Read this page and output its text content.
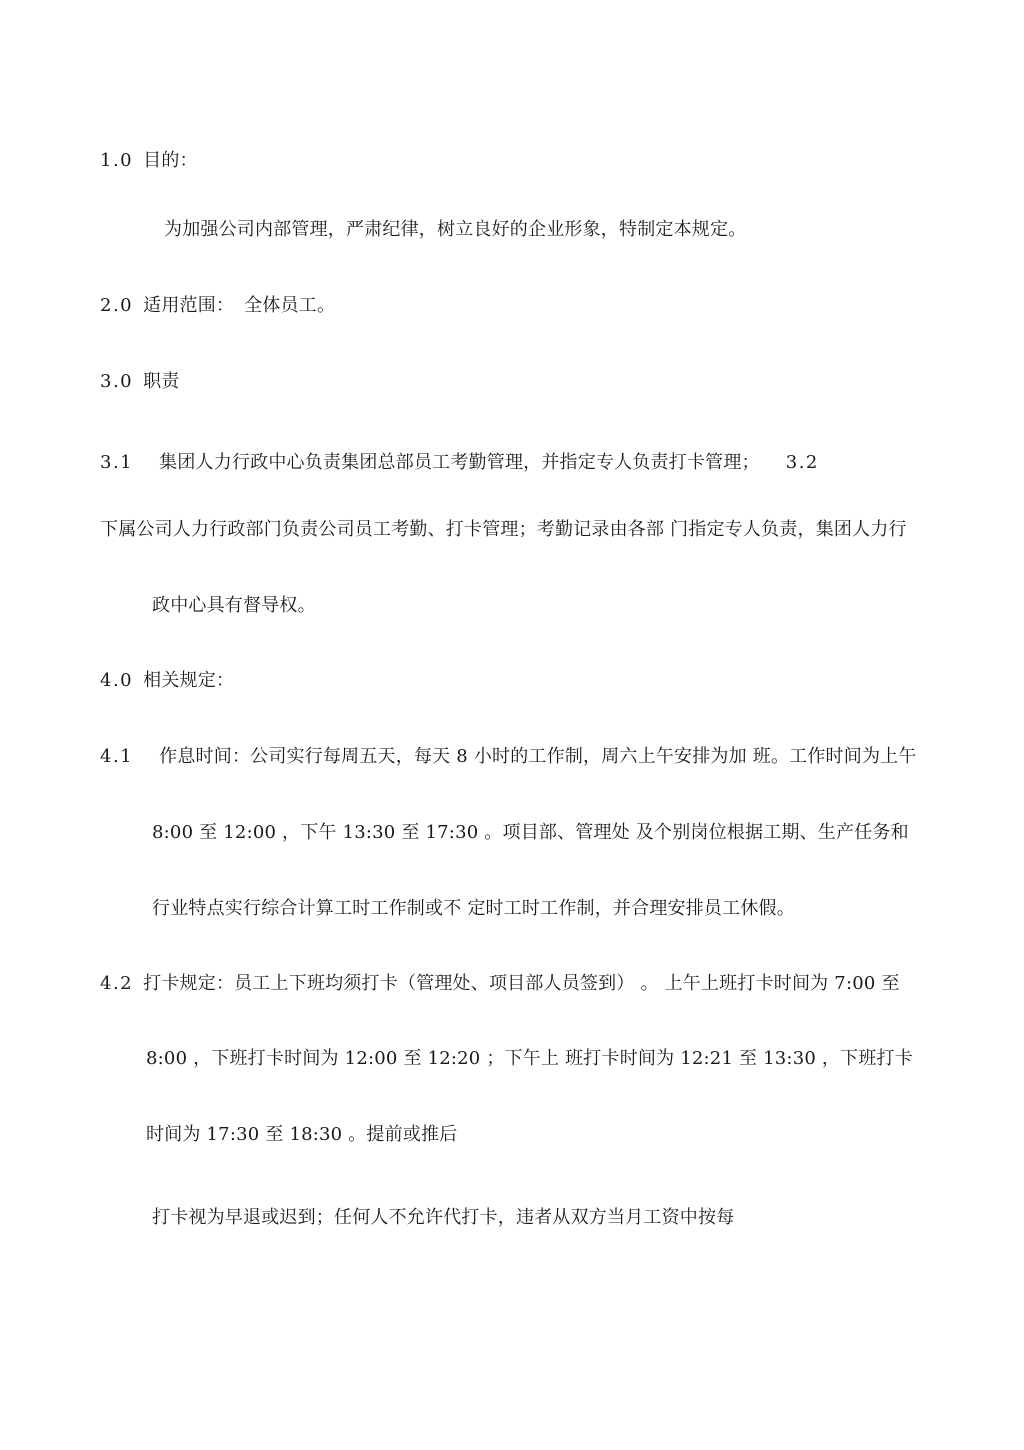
1.0 目的：
为加强公司内部管理，严肃纪律，树立良好的企业形象，特制定本规定。
2.0 适用范围： 全体员工。
3.0 职责
3.1 集团人力行政中心负责集团总部员工考勤管理，并指定专人负责打卡管理； 3.2
下属公司人力行政部门负责公司员工考勤、打卡管理；考勤记录由各部 门指定专人负责，集团人力行
政中心具有督导权。
4.0 相关规定：
4.1 作息时间：公司实行每周五天，每天 8 小时的工作制，周六上午安排为加 班。工作时间为上午
8:00 至 12:00 ，下午 13:30 至 17:30 。项目部、管理处 及个别岗位根据工期、生产任务和
行业特点实行综合计算工时工作制或不 定时工时工作制，并合理安排员工休假。
4.2 打卡规定：员工上下班均须打卡（管理处、项目部人员签到） 。 上午上班打卡时间为 7:00 至
8:00 ，下班打卡时间为 12:00 至 12:20 ；下午上 班打卡时间为 12:21 至 13:30 ，下班打卡
时间为 17:30 至 18:30 。提前或推后
打卡视为早退或迟到；任何人不允许代打卡，违者从双方当月工资中按每
